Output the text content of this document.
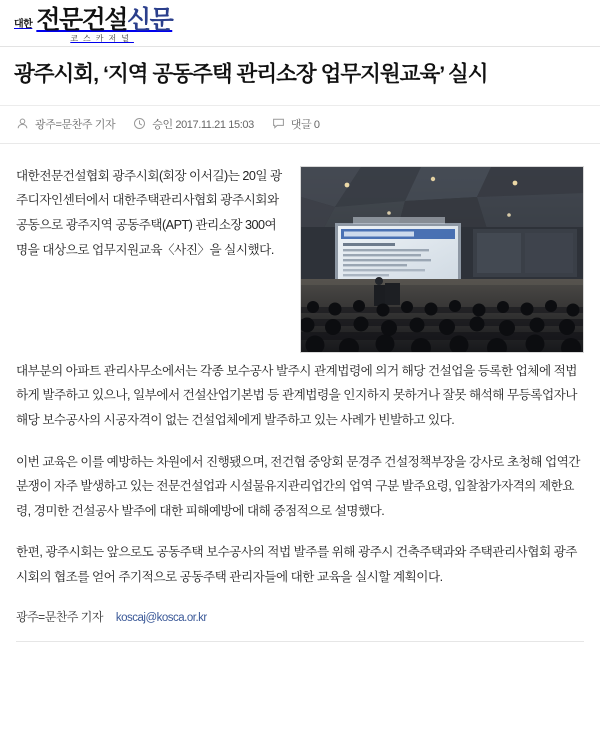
대한 전문건설신문
코스카저널
광주시회, ‘지역 공동주택 관리소장 업무지원교육’ 실시
광주=문찬주 기자	승인 2017.11.21 15:03	댓글 0

대한전문건설협회 광주시회(회장 이서길)는 20일 광주디자인센터에서 대한주택관리사협회 광주시회와 공동으로 광주지역 공동주택(APT) 관리소장 300여명을 대상으로 업무지원교육〈사진〉을 실시했다.

대부분의 아파트 관리사무소에서는 각종 보수공사 발주시 관계법령에 의거 해당 건설업을 등록한 업체에 적법하게 발주하고 있으나, 일부에서 건설산업기본법 등 관계법령을 인지하지 못하거나 잘못 해석해 무등록업자나 해당 보수공사의 시공자격이 없는 건설업체에게 발주하고 있는 사례가 빈발하고 있다.

이번 교육은 이를 예방하는 차원에서 진행됐으며, 전건협 중앙회 문경주 건설정책부장을 강사로 초청해 업역간 분쟁이 자주 발생하고 있는 전문건설업과 시설물유지관리업간의 업역 구분 발주요령, 입찰참가자격의 제한요령, 경미한 건설공사 발주에 대한 피해예방에 대해 중점적으로 설명했다.

한편, 광주시회는 앞으로도 공동주택 보수공사의 적법 발주를 위해 광주시 건축주택과와 주택관리사협회 광주시회의 협조를 얻어 주기적으로 공동주택 관리자들에 대한 교육을 실시할 계획이다.

광주=문찬주 기자 koscaj@kosca.or.kr
